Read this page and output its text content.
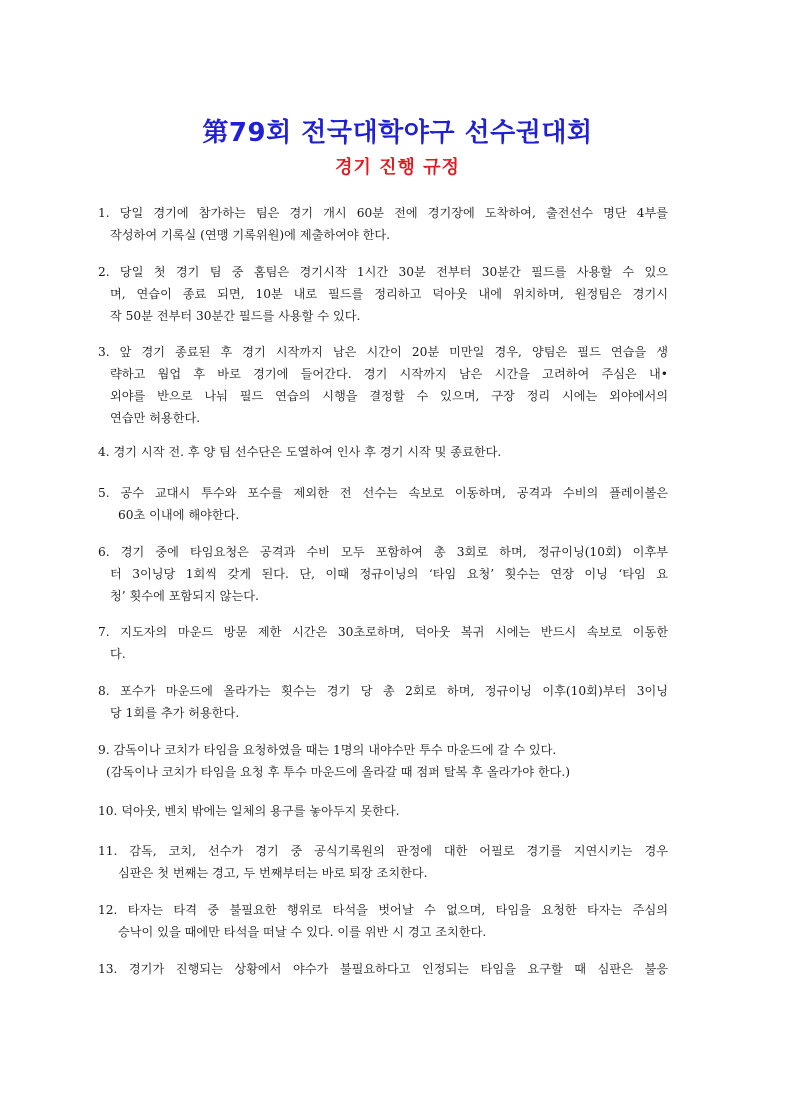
第79회 전국대학야구 선수권대회
경기 진행 규정
1. 당일 경기에 참가하는 팀은 경기 개시 60분 전에 경기장에 도착하여, 출전선수 명단 4부를
작성하여 기록실 (연맹 기록위원)에 제출하여야 한다.
2. 당일 첫 경기 팀 중 홈팀은 경기시작 1시간 30분 전부터 30분간 필드를 사용할 수 있으
며, 연습이 종료 되면, 10분 내로 필드를 정리하고 덕아웃 내에 위치하며, 원정팀은 경기시
작 50분 전부터 30분간 필드를 사용할 수 있다.
3. 앞 경기 종료된 후 경기 시작까지 남은 시간이 20분 미만일 경우, 양팀은 필드 연습을 생
략하고 웜업 후 바로 경기에 들어간다. 경기 시작까지 남은 시간을 고려하여 주심은 내•
외야를 반으로 나눠 필드 연습의 시행을 결정할 수 있으며, 구장 정리 시에는 외야에서의
연습만 허용한다.
4. 경기 시작 전. 후 양 팀 선수단은 도열하여 인사 후 경기 시작 및 종료한다.
5. 공수 교대시 투수와 포수를 제외한 전 선수는 속보로 이동하며, 공격과 수비의 플레이볼은
60초 이내에 해야한다.
6. 경기 중에 타임요청은 공격과 수비 모두 포함하여 총 3회로 하며, 정규이닝(10회) 이후부
터 3이닝당 1회씩 갖게 된다. 단, 이때 정규이닝의 ‘타임 요청’ 횟수는 연장 이닝 ‘타임 요
청’ 횟수에 포함되지 않는다.
7. 지도자의 마운드 방문 제한 시간은 30초로하며, 덕아웃 복귀 시에는 반드시 속보로 이동한
다.
8. 포수가 마운드에 올라가는 횟수는 경기 당 총 2회로 하며, 정규이닝 이후(10회)부터 3이닝
당 1회를 추가 허용한다.
9. 감독이나 코치가 타임을 요청하였을 때는 1명의 내야수만 투수 마운드에 갈 수 있다.
(감독이나 코치가 타임을 요청 후 투수 마운드에 올라갈 때 점퍼 탈복 후 올라가야 한다.)
10. 덕아웃, 벤치 밖에는 일체의 용구를 놓아두지 못한다.
11. 감독, 코치, 선수가 경기 중 공식기록원의 판정에 대한 어필로 경기를 지연시키는 경우
심판은 첫 번째는 경고, 두 번째부터는 바로 퇴장 조치한다.
12. 타자는 타격 중 불필요한 행위로 타석을 벗어날 수 없으며, 타임을 요청한 타자는 주심의
승낙이 있을 때에만 타석을 떠날 수 있다. 이를 위반 시 경고 조치한다.
13. 경기가 진행되는 상황에서 야수가 불필요하다고 인정되는 타임을 요구할 때 심판은 불응
